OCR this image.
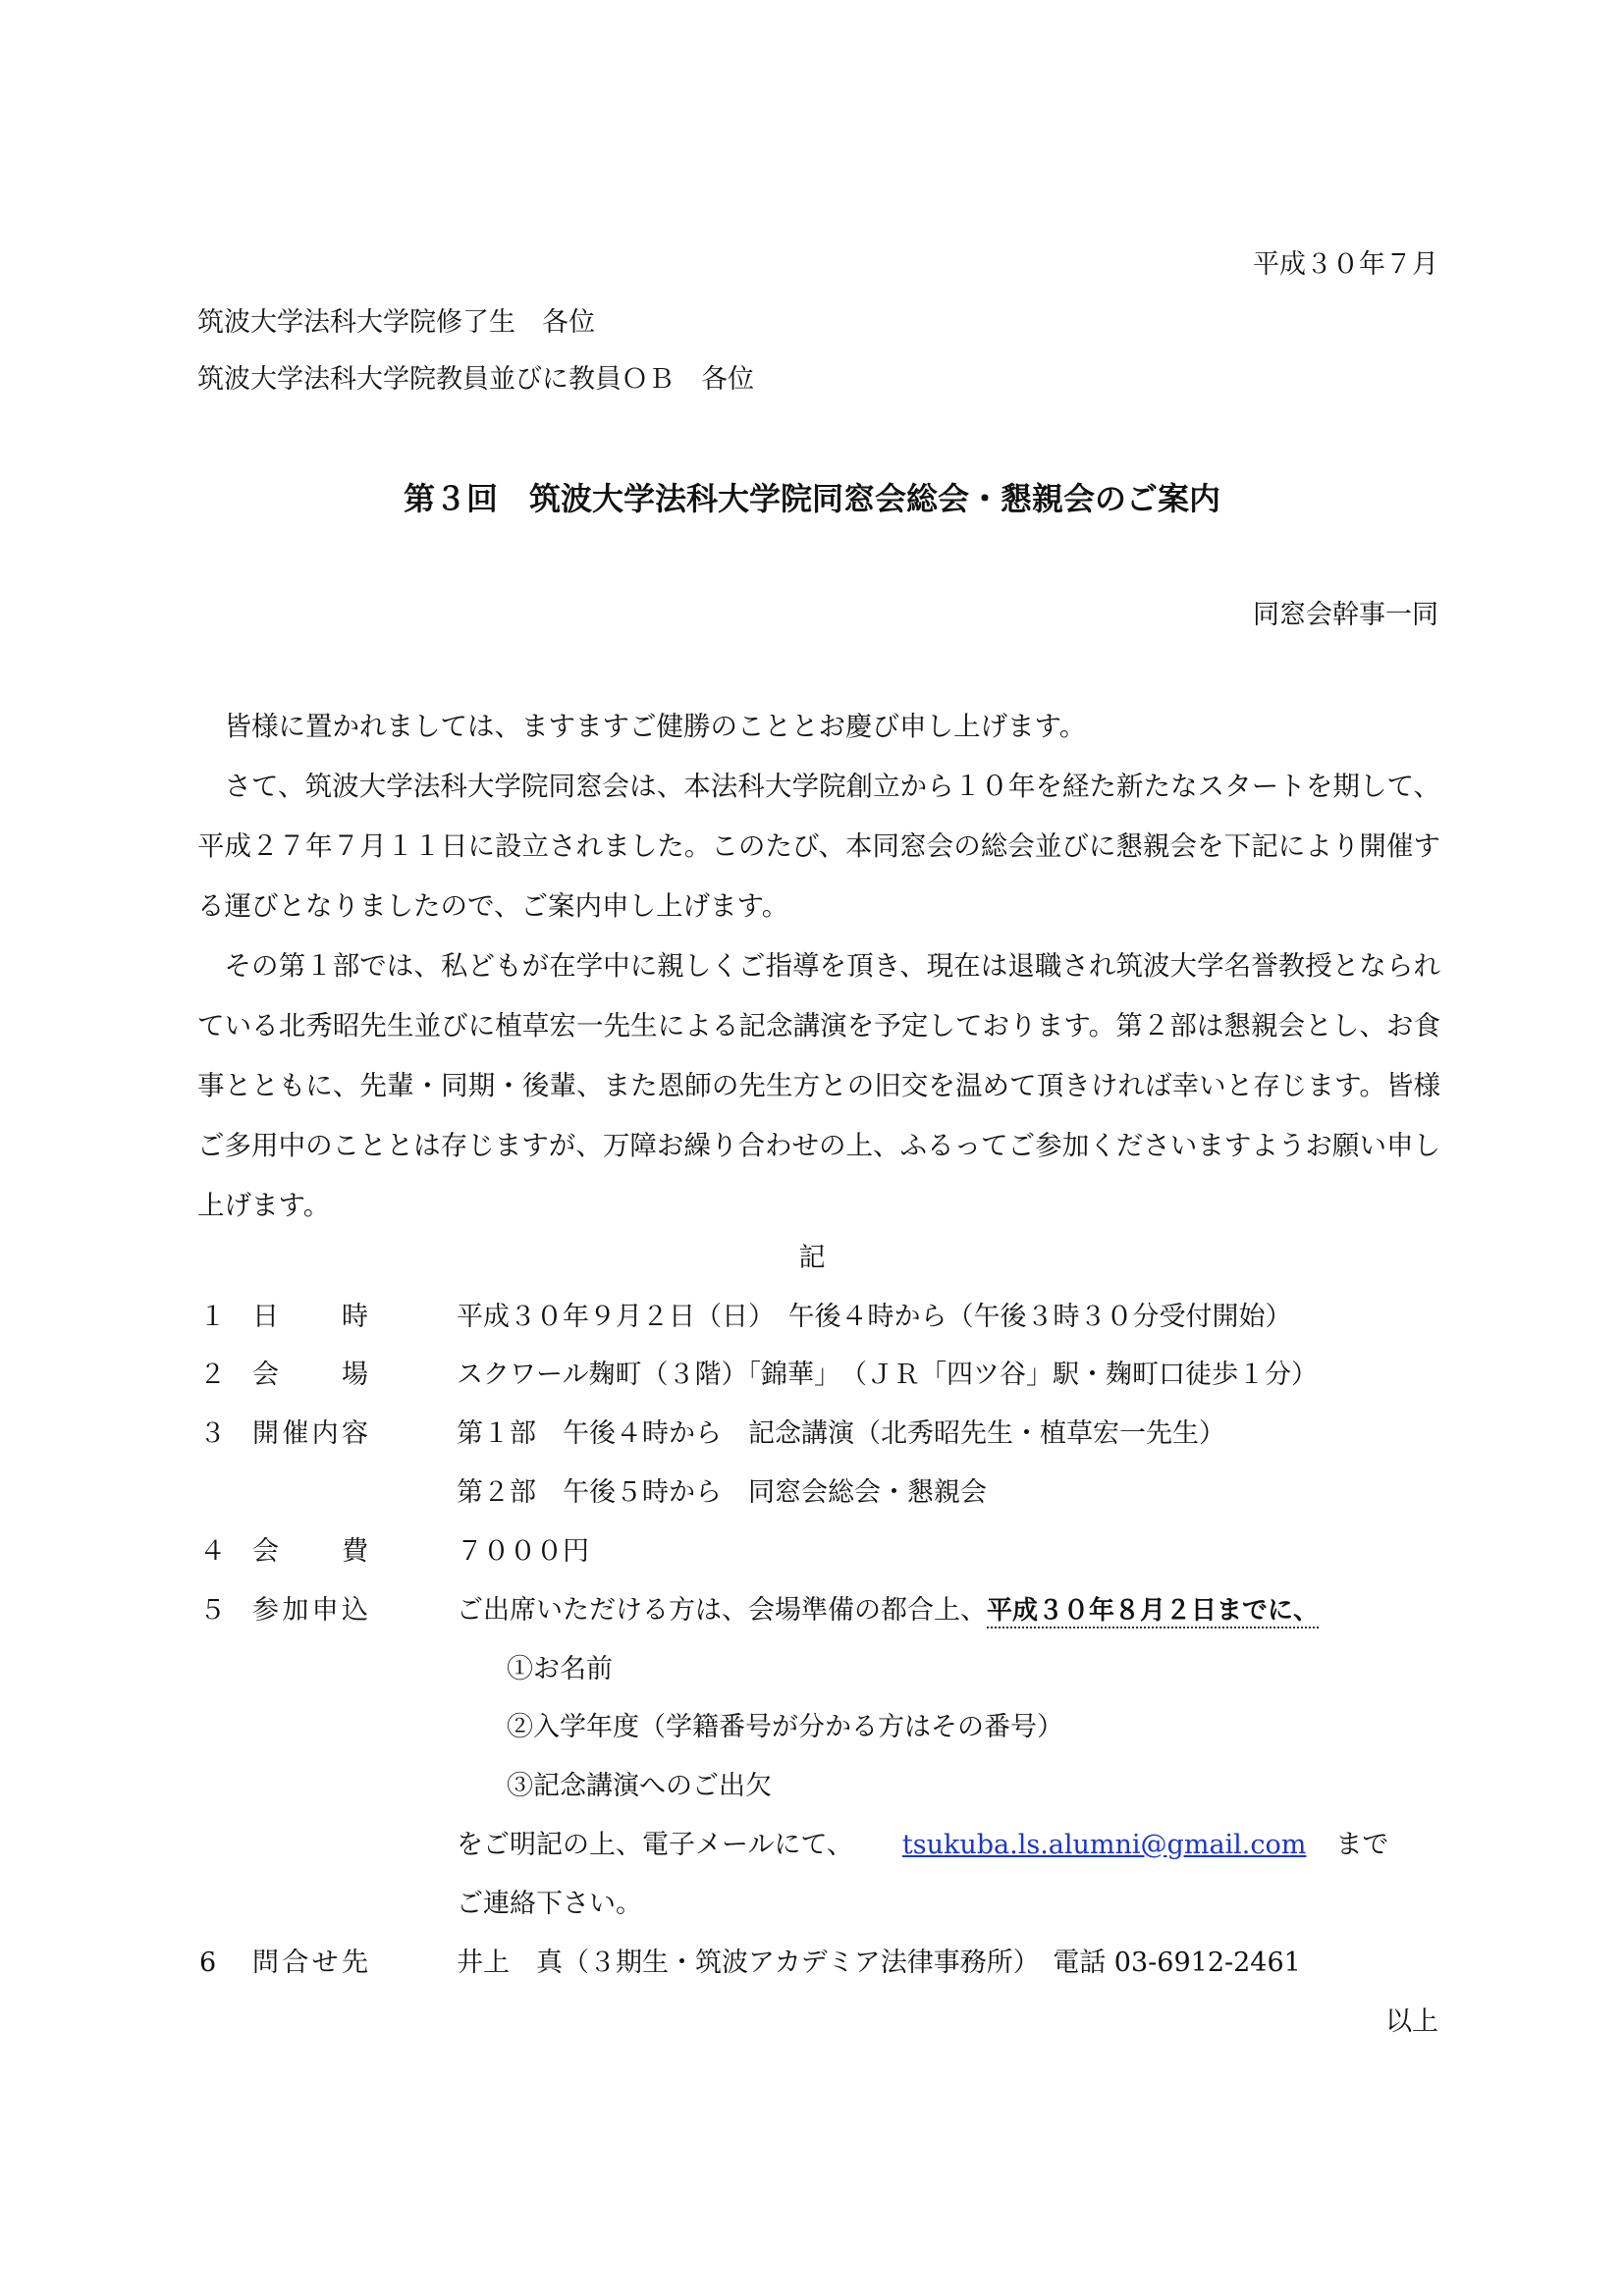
平成３０年７月
筑波大学法科大学院修了生　各位
筑波大学法科大学院教員並びに教員ＯＢ　各位
第３回　筑波大学法科大学院同窓会総会・懇親会のご案内
同窓会幹事一同

皆様に置かれましては、ますますご健勝のこととお慶び申し上げます。

さて、筑波大学法科大学院同窓会は、本法科大学院創立から１０年を経た新たなスタートを期して、平成２７年７月１１日に設立されました。このたび、本同窓会の総会並びに懇親会を下記により開催する運びとなりましたので、ご案内申し上げます。

その第１部では、私どもが在学中に親しくご指導を頂き、現在は退職され筑波大学名誉教授となられている北秀昭先生並びに植草宏一先生による記念講演を予定しております。第２部は懇親会とし、お食事とともに、先輩・同期・後輩、また恩師の先生方との旧交を温めて頂きければ幸いと存じます。皆様ご多用中のこととは存じますが、万障お繰り合わせの上、ふるってご参加くださいますようお願い申し上げます。

記
１ 日　　時	平成３０年９月２日（日）　午後４時から（午後３時３０分受付開始）
２ 会　　場	スクワール麹町（３階）「錦華」　（ＪＲ「四ツ谷」駅・麹町口徒歩１分）
３ 開催内容	第１部　午後４時から　記念講演（北秀昭先生・植草宏一先生）
第２部　午後５時から　同窓会総会・懇親会
４ 会　　費	７０００円
５ 参加申込	ご出席いただける方は、会場準備の都合上、平成３０年８月２日までに、
①お名前
②入学年度（学籍番号が分かる方はその番号）
③記念講演へのご出欠
をご明記の上、電子メールにて、 tsukuba.ls.alumni@gmail.com まで
ご連絡下さい。
6 問合せ先	井上　真（３期生・筑波アカデミア法律事務所）　電話 03-6912-2461
以上
